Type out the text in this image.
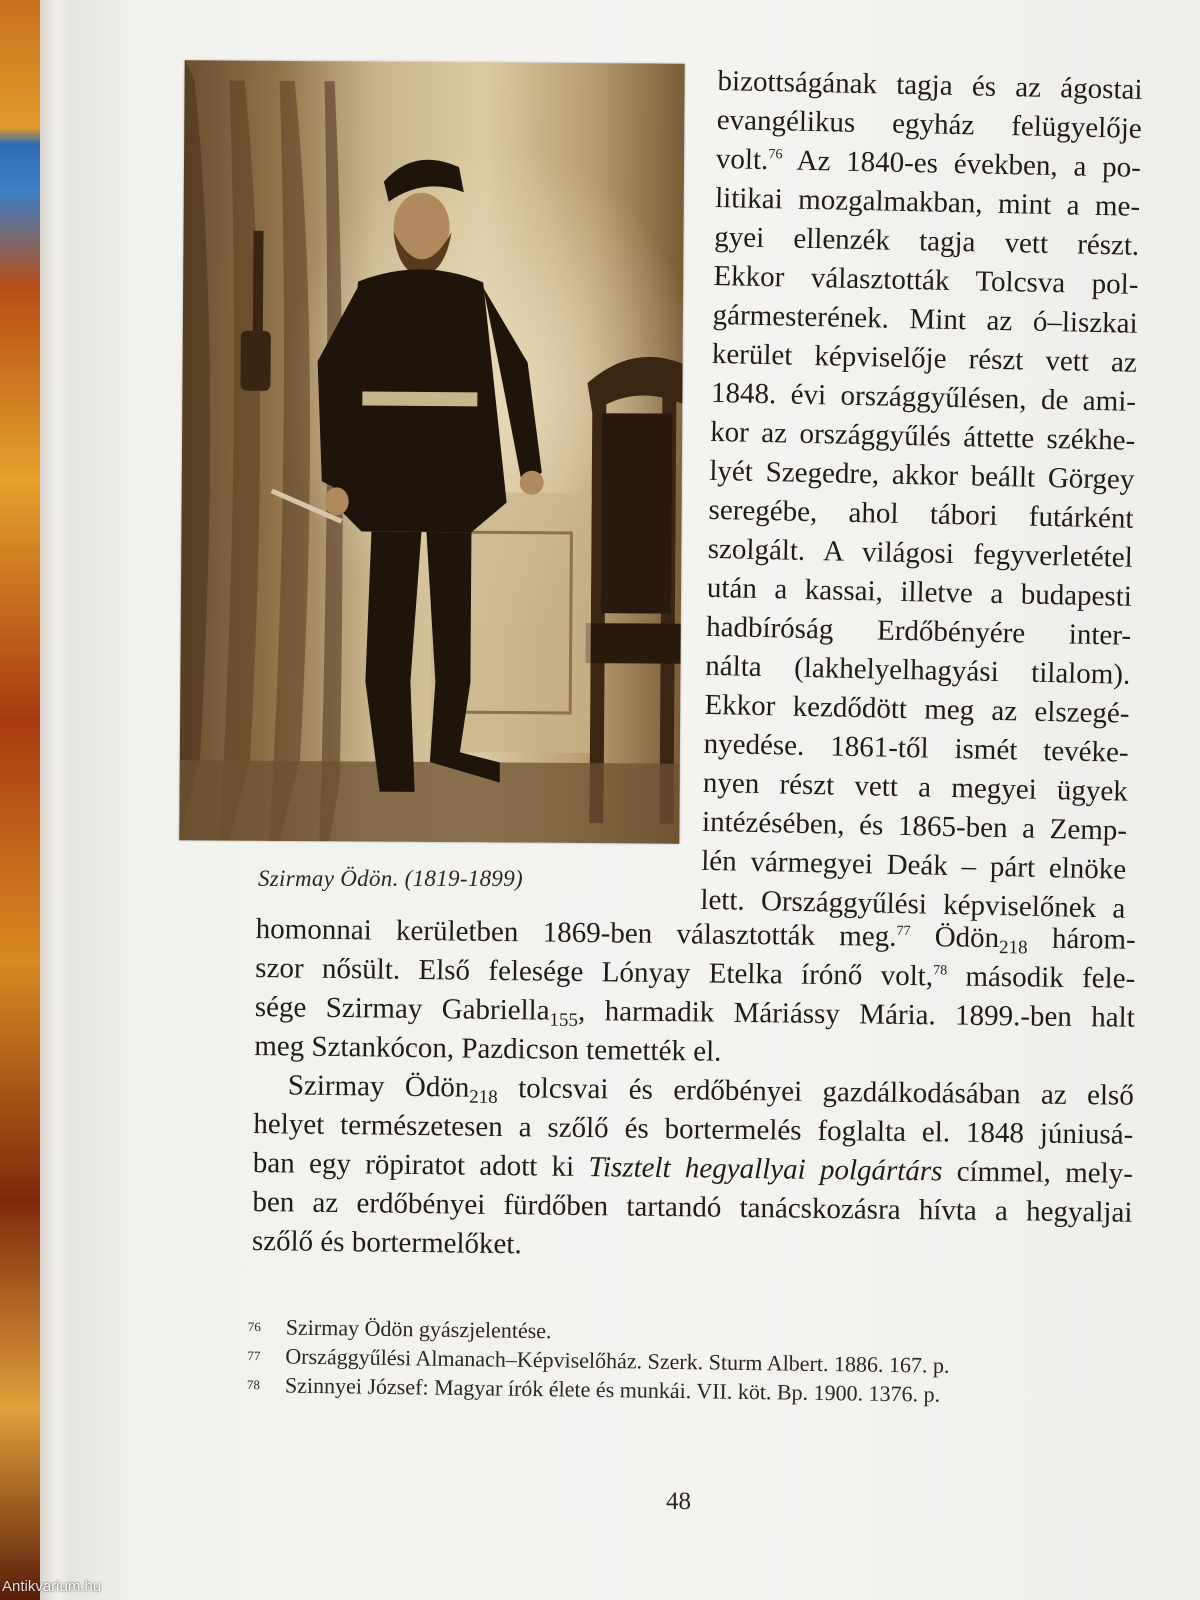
Szirmay Ödön. (1819-1899)
bizottságának tagja és az ágostai
evangélikus egyház felügyelője
volt.$^{76}$ Az 1840-es években, a po-
litikai mozgalmakban, mint a me-
gyei ellenzék tagja vett részt.
Ekkor választották Tolcsva pol-
gármesterének. Mint az ó–liszkai
kerület képviselője részt vett az
1848. évi országgyűlésen, de ami-
kor az országgyűlés áttette székhe-
lyét Szegedre, akkor beállt Görgey
seregébe, ahol tábori futárként
szolgált. A világosi fegyverletétel
után a kassai, illetve a budapesti
hadbíróság Erdőbényére inter-
nálta (lakhelyelhagyási tilalom).
Ekkor kezdődött meg az elszegé-
nyedése. 1861-től ismét tevéke-
nyen részt vett a megyei ügyek
intézésében, és 1865-ben a Zemp-
lén vármegyei Deák – párt elnöke
lett. Országgyűlési képviselőnek a
homonnai kerületben 1869-ben választották meg.$^{77}$ Ödön$_{218}$ három-
szor nősült. Első felesége Lónyay Etelka írónő volt,$^{78}$ második fele-
sége Szirmay Gabriella$_{155}$, harmadik Máriássy Mária. 1899.-ben halt
meg Sztankócon, Pazdicson temették el.
Szirmay Ödön$_{218}$ tolcsvai és erdőbényei gazdálkodásában az első
helyet természetesen a szőlő és bortermelés foglalta el. 1848 júniusá-
ban egy röpiratot adott ki Tisztelt hegyallyai polgártárs címmel, mely-
ben az erdőbényei fürdőben tartandó tanácskozásra hívta a hegyaljai
szőlő és bortermelőket.
76	Szirmay Ödön gyászjelentése.
77	Országgyűlési Almanach–Képviselőház. Szerk. Sturm Albert. 1886. 167. p.
78	Szinnyei József: Magyar írók élete és munkái. VII. köt. Bp. 1900. 1376. p.
48
Antikvarium.hu
